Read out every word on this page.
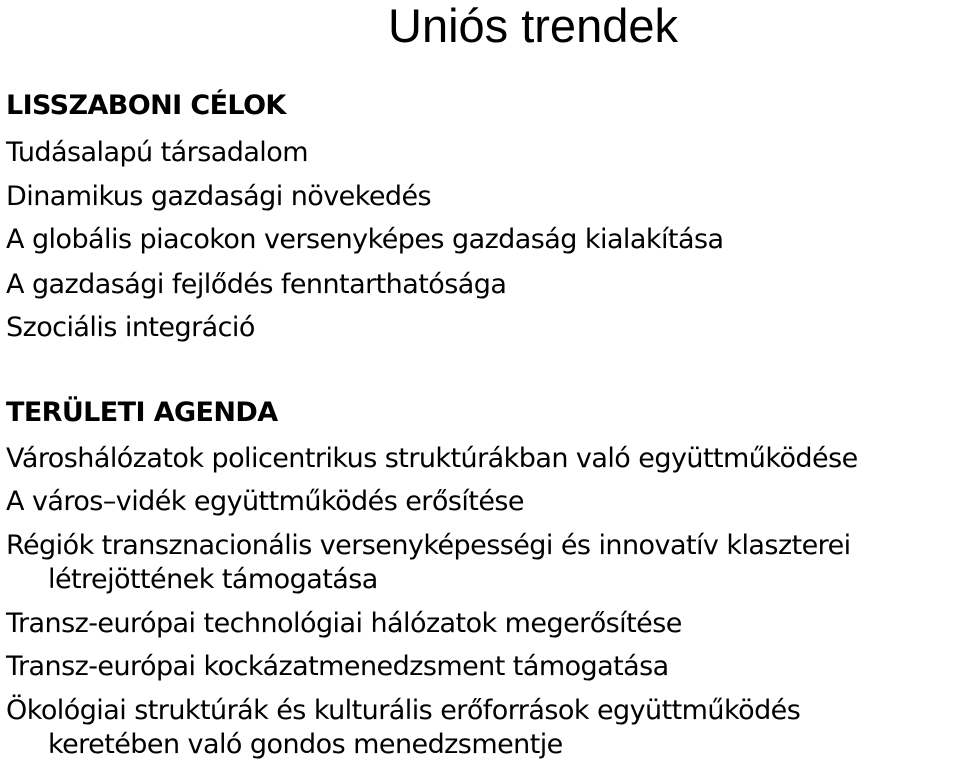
Uniós trendek
LISSZABONI CÉLOK
Tudásalapú társadalom
Dinamikus gazdasági növekedés
A globális piacokon versenyképes gazdaság kialakítása
A gazdasági fejlődés fenntarthatósága
Szociális integráció
TERÜLETI AGENDA
Városhálózatok policentrikus struktúrákban való együttműködése
A város–vidék együttműködés erősítése
Régiók transznacionális versenyképességi és innovatív klaszterei
létrejöttének támogatása
Transz-európai technológiai hálózatok megerősítése
Transz-európai kockázatmenedzsment támogatása
Ökológiai struktúrák és kulturális erőforrások együttműködés
keretében való gondos menedzsmentje
